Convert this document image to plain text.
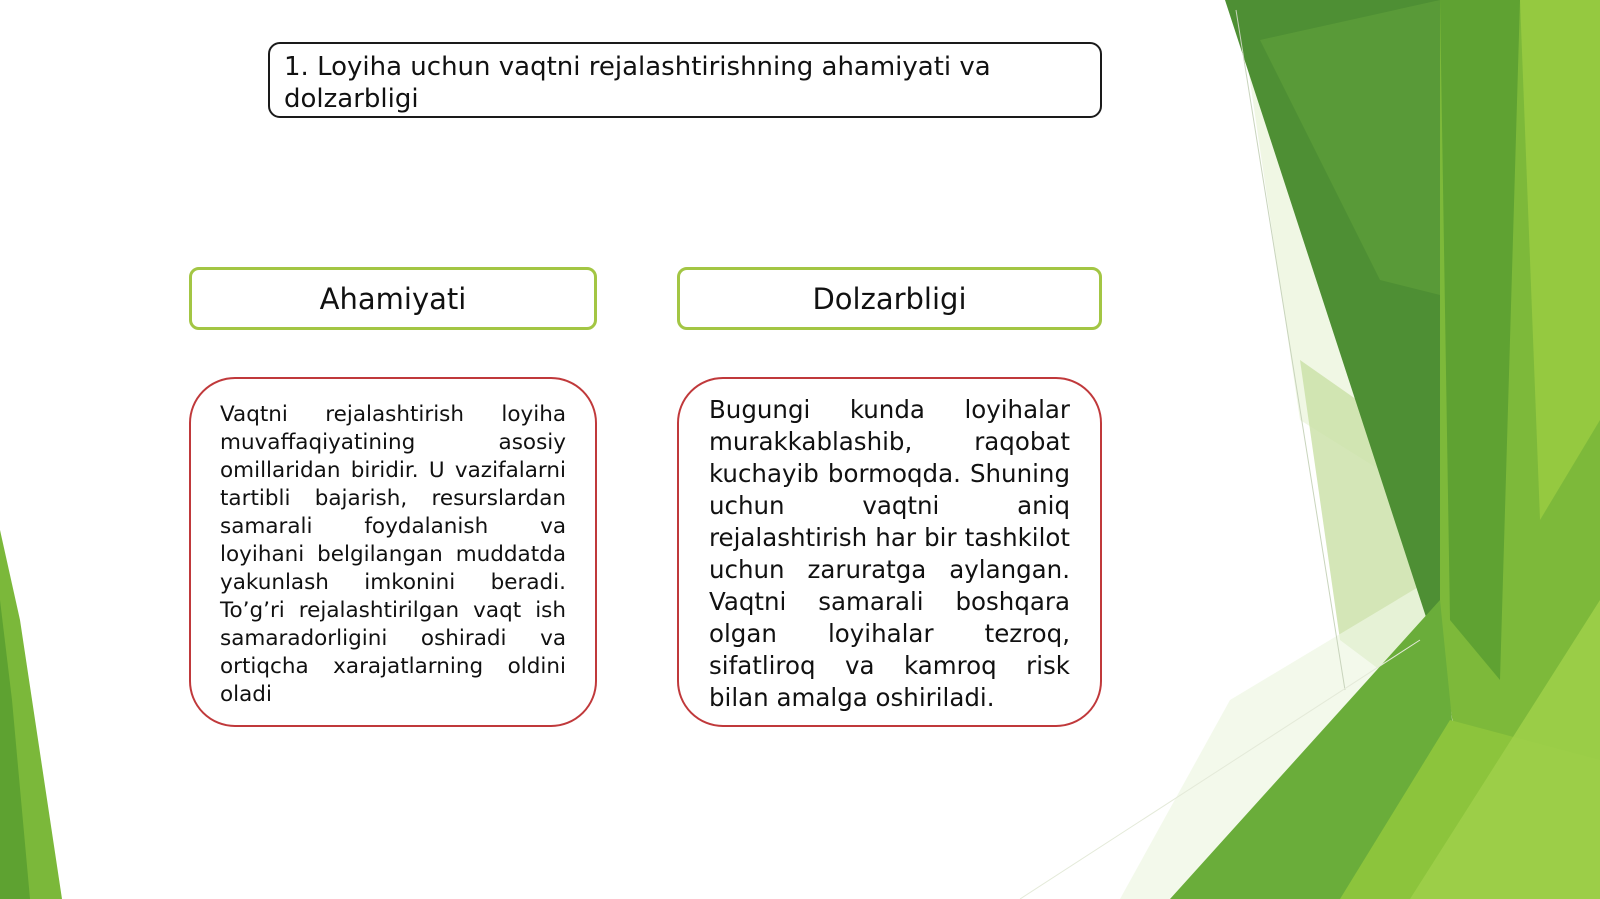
1. Loyiha uchun vaqtni rejalashtirishning ahamiyati va dolzarbligi
Ahamiyati	Dolzarbligi
Vaqtni rejalashtirish loyiha muvaffaqiyatining asosiy omillaridan biridir. U vazifalarni tartibli bajarish, resurslardan samarali foydalanish va loyihani belgilangan muddatda yakunlash imkonini beradi. To’g’ri rejalashtirilgan vaqt ish samaradorligini oshiradi va ortiqcha xarajatlarning oldini oladi
Bugungi kunda loyihalar murakkablashib, raqobat kuchayib bormoqda. Shuning uchun vaqtni aniq rejalashtirish har bir tashkilot uchun zaruratga aylangan. Vaqtni samarali boshqara olgan loyihalar tezroq, sifatliroq va kamroq risk bilan amalga oshiriladi.
